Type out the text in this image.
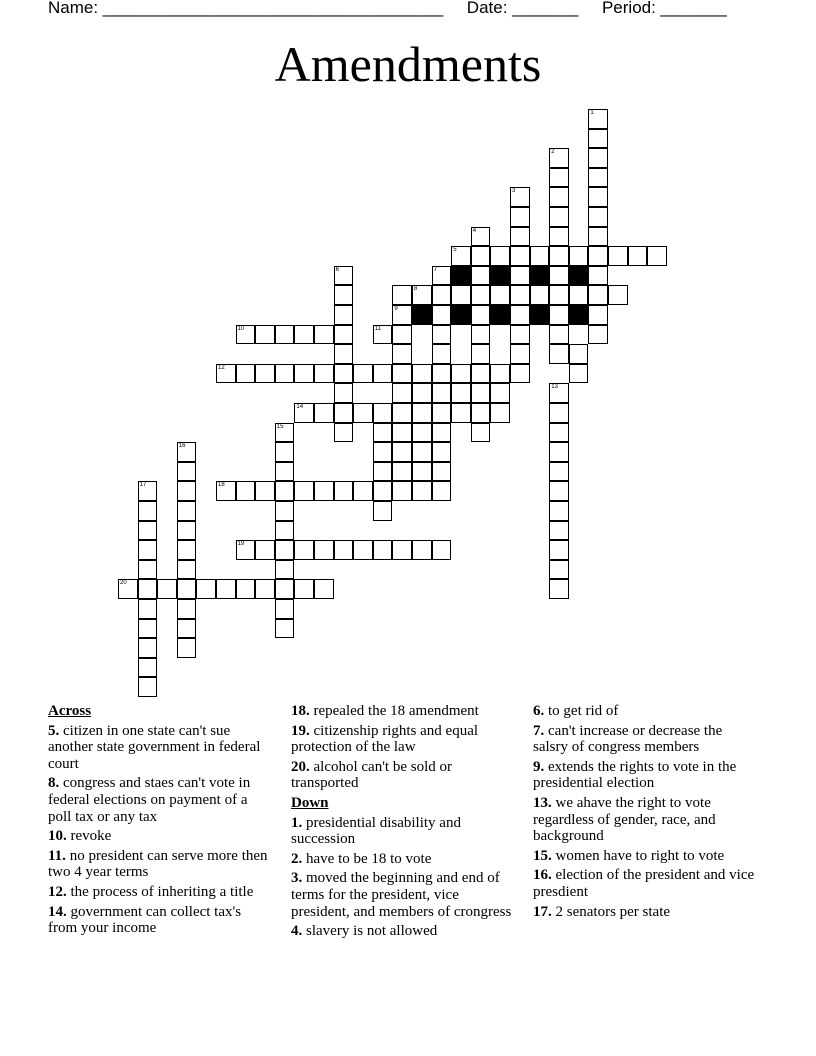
Name: ____________________________________ Date: _______ Period: _______
Amendments
1
2
3
4
6
13
15
16
17
7
9
5
8
10	11
12
14
18
19
20
Across
5. citizen in one state can't sue another state government in federal court
8. congress and staes can't vote in federal elections on payment of a poll tax or any tax
10. revoke
11. no president can serve more then two 4 year terms
12. the process of inheriting a title
14. government can collect tax's from your income
18. repealed the 18 amendment
19. citizenship rights and equal protection of the law
20. alcohol can't be sold or transported
Down
1. presidential disability and succession
2. have to be 18 to vote
3. moved the beginning and end of terms for the president, vice president, and members of crongress
4. slavery is not allowed
6. to get rid of
7. can't increase or decrease the salsry of congress members
9. extends the rights to vote in the presidential election
13. we ahave the right to vote regardless of gender, race, and background
15. women have to right to vote
16. election of the president and vice presdient
17. 2 senators per state
